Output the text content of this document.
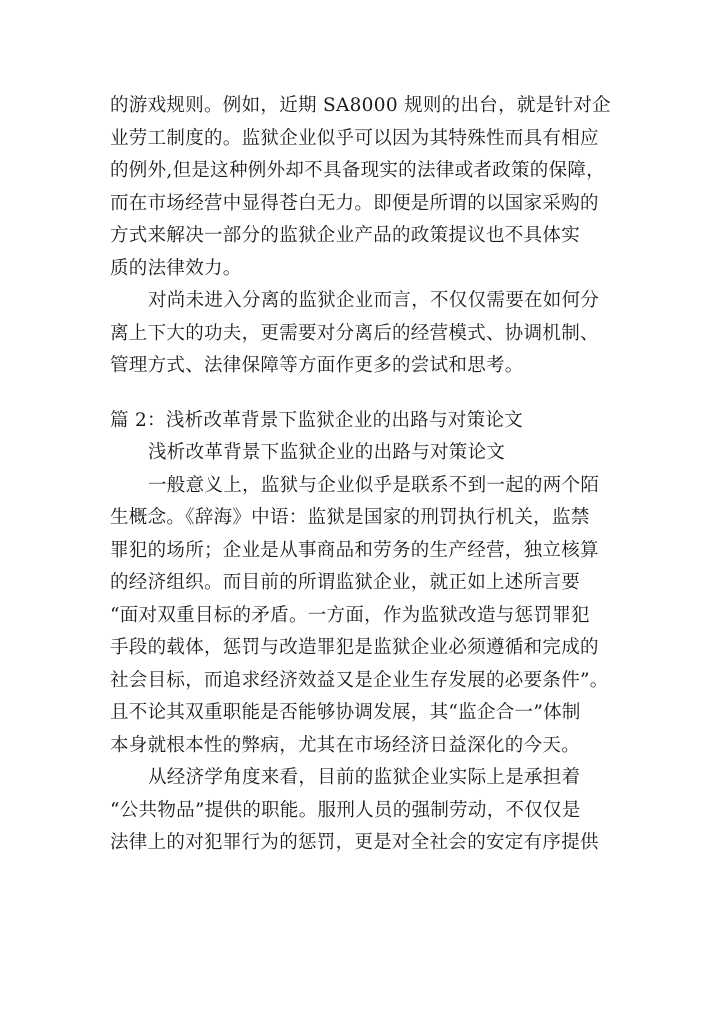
的游戏规则。例如，近期 SA8000 规则的出台，就是针对企
业劳工制度的。监狱企业似乎可以因为其特殊性而具有相应
的例外,但是这种例外却不具备现实的法律或者政策的保障，
而在市场经营中显得苍白无力。即便是所谓的以国家采购的
方式来解决一部分的监狱企业产品的政策提议也不具体实
质的法律效力。
对尚未进入分离的监狱企业而言，不仅仅需要在如何分
离上下大的功夫，更需要对分离后的经营模式、协调机制、
管理方式、法律保障等方面作更多的尝试和思考。
篇 2：浅析改革背景下监狱企业的出路与对策论文
浅析改革背景下监狱企业的出路与对策论文
一般意义上，监狱与企业似乎是联系不到一起的两个陌
生概念。《辞海》中语：监狱是国家的刑罚执行机关，监禁
罪犯的场所；企业是从事商品和劳务的生产经营，独立核算
的经济组织。而目前的所谓监狱企业，就正如上述所言要
“面对双重目标的矛盾。一方面，作为监狱改造与惩罚罪犯
手段的载体，惩罚与改造罪犯是监狱企业必须遵循和完成的
社会目标，而追求经济效益又是企业生存发展的必要条件”。
且不论其双重职能是否能够协调发展，其“监企合一”体制
本身就根本性的弊病，尤其在市场经济日益深化的今天。
从经济学角度来看，目前的监狱企业实际上是承担着
“公共物品”提供的职能。服刑人员的强制劳动，不仅仅是
法律上的对犯罪行为的惩罚，更是对全社会的安定有序提供
